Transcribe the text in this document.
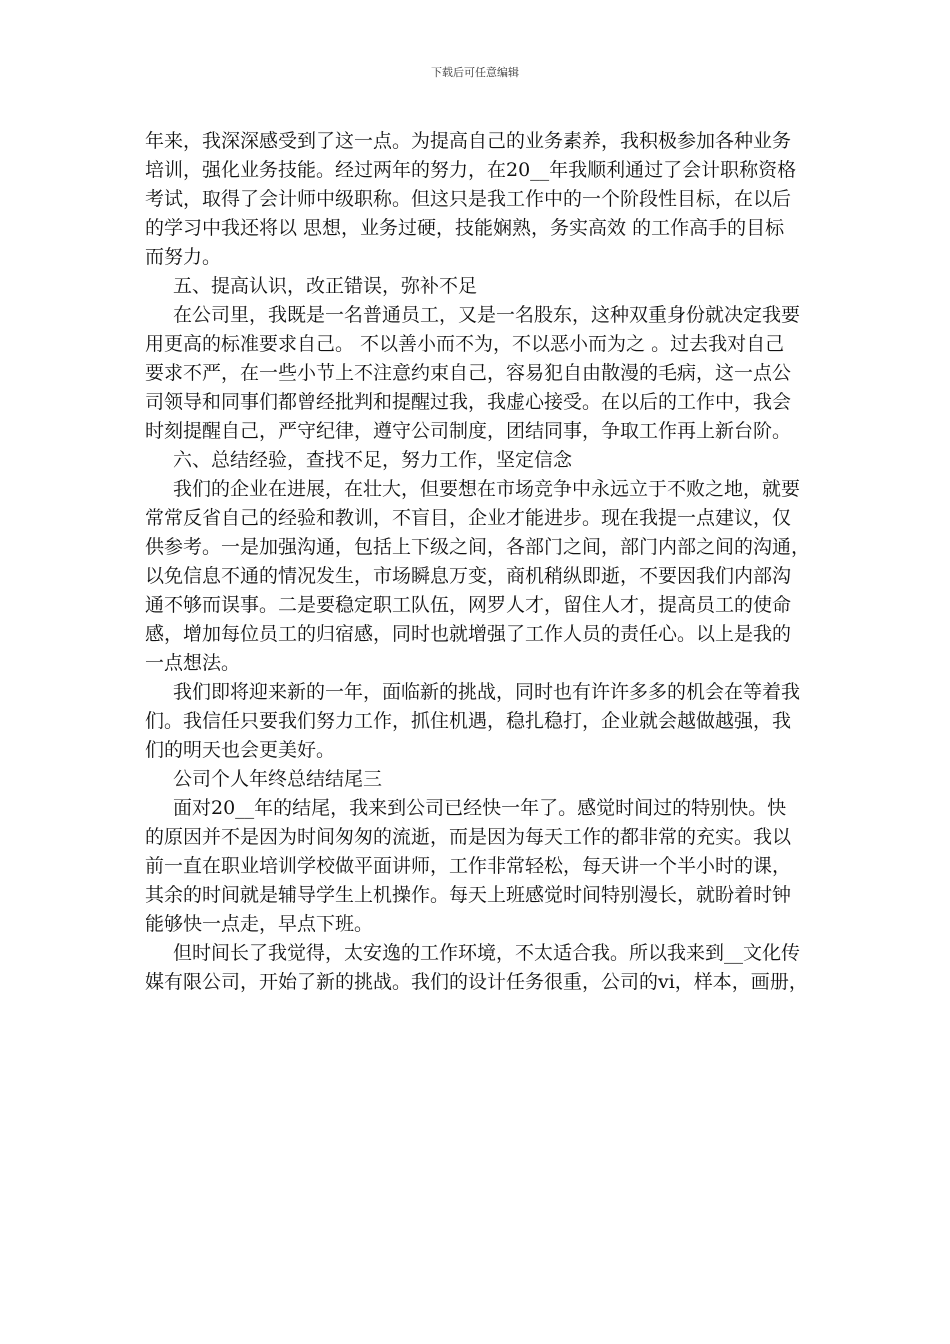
下载后可任意编辑
年来，我深深感受到了这一点。为提高自己的业务素养，我积极参加各种业务
培训，强化业务技能。经过两年的努力，在20__年我顺利通过了会计职称资格
考试，取得了会计师中级职称。但这只是我工作中的一个阶段性目标，在以后
的学习中我还将以 思想，业务过硬，技能娴熟，务实高效 的工作高手的目标
而努力。
五、提高认识，改正错误，弥补不足
在公司里，我既是一名普通员工，又是一名股东，这种双重身份就决定我要
用更高的标准要求自己。 不以善小而不为，不以恶小而为之 。过去我对自己
要求不严，在一些小节上不注意约束自己，容易犯自由散漫的毛病，这一点公
司领导和同事们都曾经批判和提醒过我，我虚心接受。在以后的工作中，我会
时刻提醒自己，严守纪律，遵守公司制度，团结同事，争取工作再上新台阶。
六、总结经验，查找不足，努力工作，坚定信念
我们的企业在进展，在壮大，但要想在市场竞争中永远立于不败之地，就要
常常反省自己的经验和教训，不盲目，企业才能进步。现在我提一点建议，仅
供参考。一是加强沟通，包括上下级之间，各部门之间，部门内部之间的沟通，
以免信息不通的情况发生，市场瞬息万变，商机稍纵即逝，不要因我们内部沟
通不够而误事。二是要稳定职工队伍，网罗人才，留住人才，提高员工的使命
感，增加每位员工的归宿感，同时也就增强了工作人员的责任心。以上是我的
一点想法。
我们即将迎来新的一年，面临新的挑战，同时也有许许多多的机会在等着我
们。我信任只要我们努力工作，抓住机遇，稳扎稳打，企业就会越做越强，我
们的明天也会更美好。
公司个人年终总结结尾三
面对20__年的结尾，我来到公司已经快一年了。感觉时间过的特别快。快
的原因并不是因为时间匆匆的流逝，而是因为每天工作的都非常的充实。我以
前一直在职业培训学校做平面讲师，工作非常轻松，每天讲一个半小时的课，
其余的时间就是辅导学生上机操作。每天上班感觉时间特别漫长，就盼着时钟
能够快一点走，早点下班。
但时间长了我觉得，太安逸的工作环境，不太适合我。所以我来到__文化传
媒有限公司，开始了新的挑战。我们的设计任务很重，公司的vi，样本，画册，
